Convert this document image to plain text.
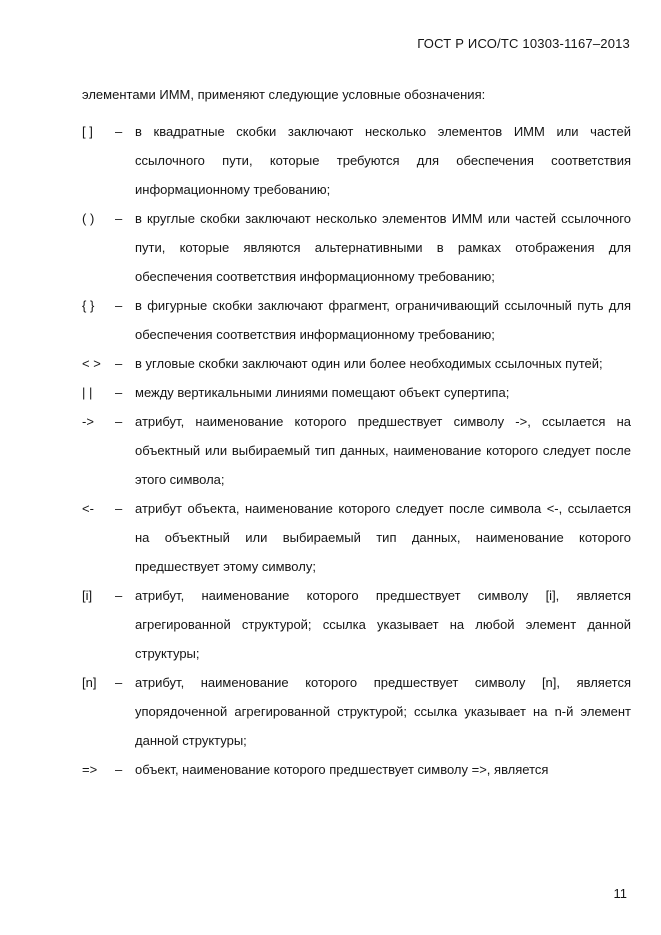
ГОСТ Р ИСО/ТС 10303-1167–2013

элементами ИММ, применяют следующие условные обозначения:

[ ]	– в квадратные скобки заключают несколько элементов ИММ или частей ссылочного пути, которые требуются для обеспечения соответствия информационному требованию;
( )	– в круглые скобки заключают несколько элементов ИММ или частей ссылочного пути, которые являются альтернативными в рамках отображения для обеспечения соответствия информационному требованию;
{ }	– в фигурные скобки заключают фрагмент, ограничивающий ссылочный путь для обеспечения соответствия информационному требованию;
< >	– в угловые скобки заключают один или более необходимых ссылочных путей;
| |	– между вертикальными линиями помещают объект супертипа;
->	– атрибут, наименование которого предшествует символу ->, ссылается на объектный или выбираемый тип данных, наименование которого следует после этого символа;
<-	– атрибут объекта, наименование которого следует после символа <-, ссылается на объектный или выбираемый тип данных, наименование которого предшествует этому символу;
[i]	– атрибут, наименование которого предшествует символу [i], является агрегированной структурой; ссылка указывает на любой элемент данной структуры;
[n]	– атрибут, наименование которого предшествует символу [n], является упорядоченной агрегированной структурой; ссылка указывает на n-й элемент данной структуры;
=>	– объект, наименование которого предшествует символу =>, является
11
